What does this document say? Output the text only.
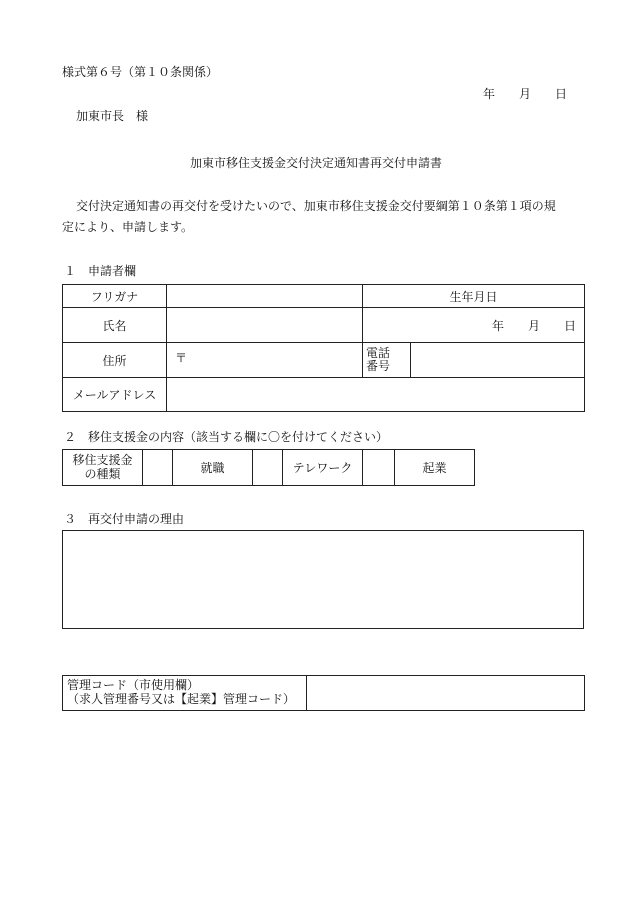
様式第６号（第１０条関係）
年　　月　　日
加東市長　様
加東市移住支援金交付決定通知書再交付申請書
交付決定通知書の再交付を受けたいので、加東市移住支援金交付要綱第１０条第１項の規
定により、申請します。
１　申請者欄
フリガナ		生年月日	
氏名		年　　月　　日	
住所	〒	電話
番号	

メールアドレス			
２　移住支援金の内容（該当する欄に〇を付けてください）
移住支援金
の種類		就職		テレワーク		起業
３　再交付申請の理由
管理コード（市使用欄）
（求人管理番号又は【起業】管理コード）
